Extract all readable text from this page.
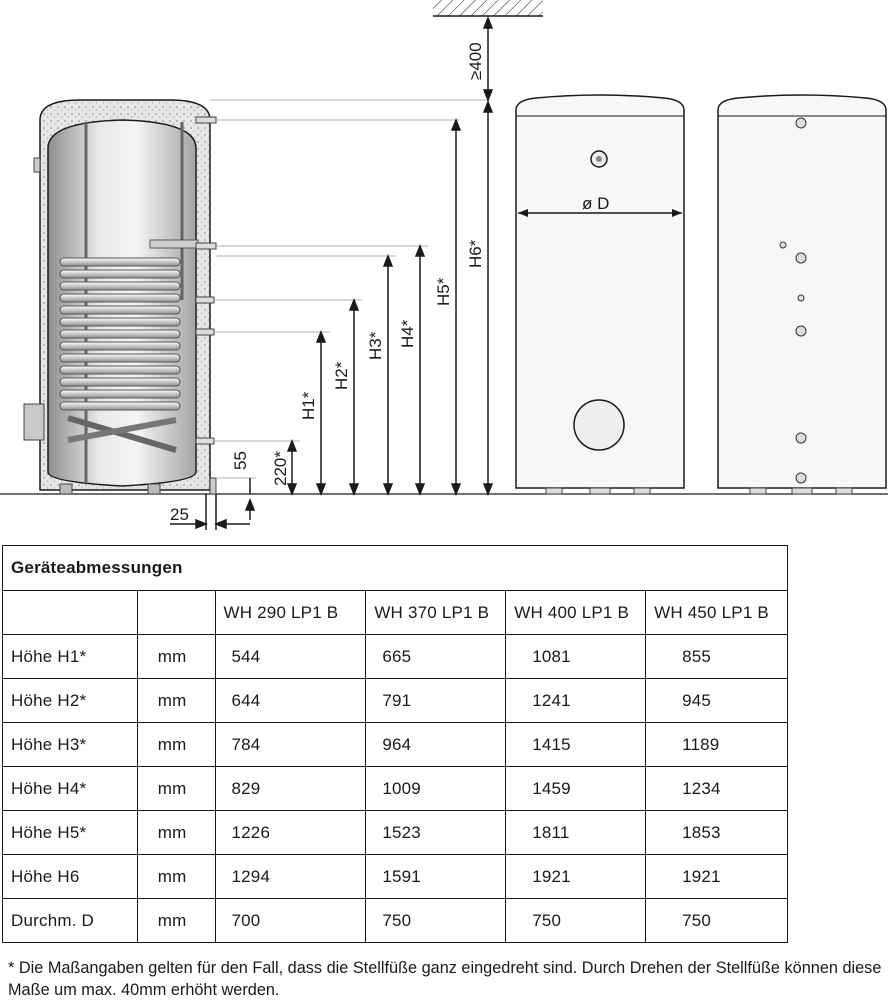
≥400
H6*
H5*
H4*
H3*
H2*
H1*
220*
55
25
ø D
Geräteabmessungen					
		WH 290 LP1 B	WH 370 LP1 B	WH 400 LP1 B	WH 450 LP1 B
Höhe H1*	mm	544	665	1081	855
Höhe H2*	mm	644	791	1241	945
Höhe H3*	mm	784	964	1415	1189
Höhe H4*	mm	829	1009	1459	1234
Höhe H5*	mm	1226	1523	1811	1853
Höhe H6	mm	1294	1591	1921	1921
Durchm. D	mm	700	750	750	750
* Die Maßangaben gelten für den Fall, dass die Stellfüße ganz eingedreht sind. Durch Drehen der Stellfüße können diese Maße um max. 40mm erhöht werden.
